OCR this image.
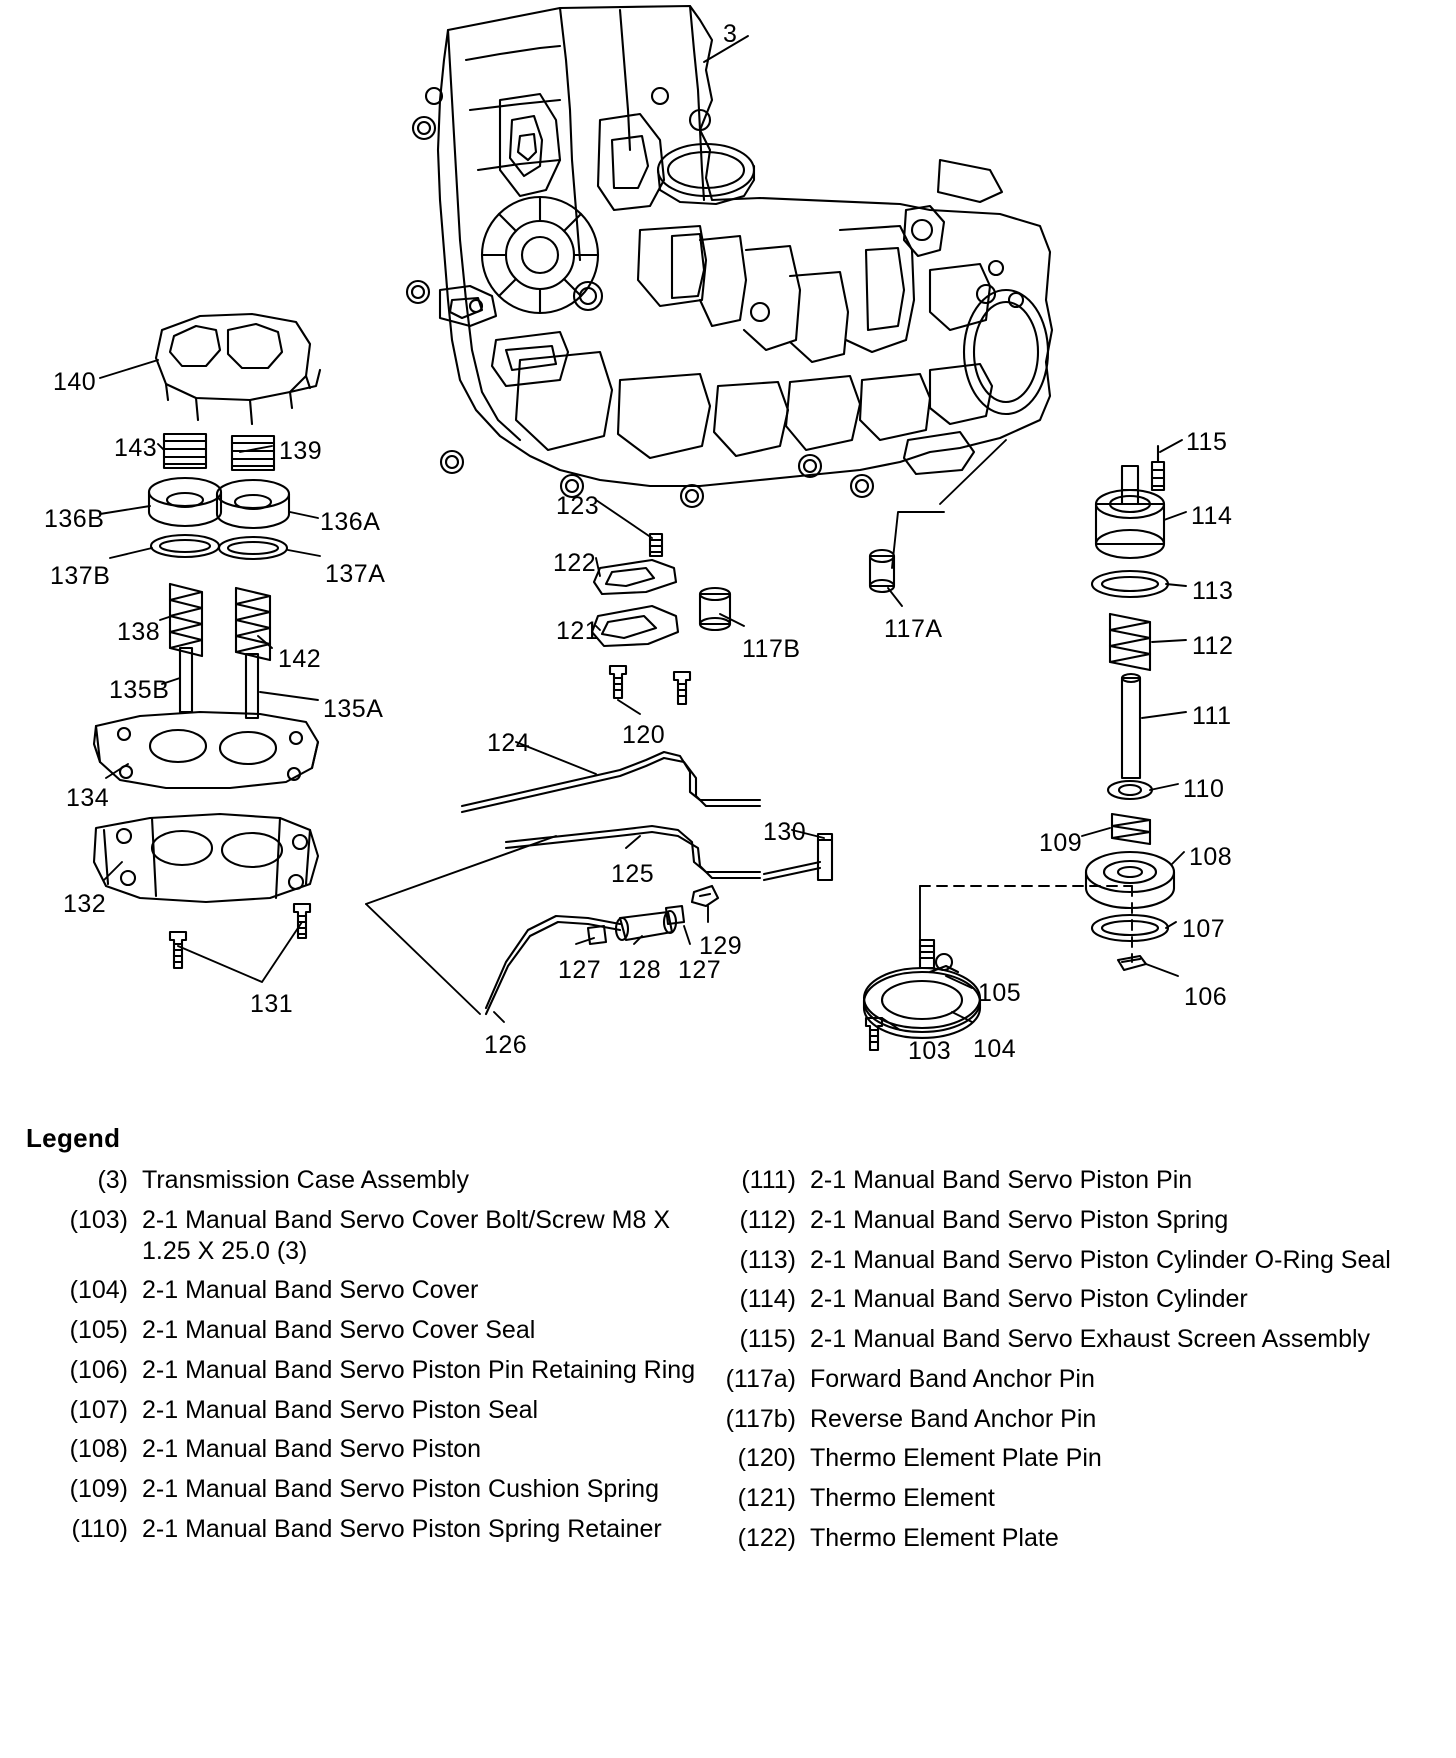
3
140
143	139
136B	136A
137B	137A
138
142
135B
135A
134
132
131
123
122
121
120
117B
117A
124
125
126
127 128 127
129
130
103 104
105
115
114
113
112
111
110
109	108
107
106
Legend
(3) Transmission Case Assembly
(103) 2-1 Manual Band Servo Cover Bolt/Screw M8 X 1.25 X 25.0 (3)
(104) 2-1 Manual Band Servo Cover
(105) 2-1 Manual Band Servo Cover Seal
(106) 2-1 Manual Band Servo Piston Pin Retaining Ring
(107) 2-1 Manual Band Servo Piston Seal
(108) 2-1 Manual Band Servo Piston
(109) 2-1 Manual Band Servo Piston Cushion Spring
(110) 2-1 Manual Band Servo Piston Spring Retainer
(111) 2-1 Manual Band Servo Piston Pin
(112) 2-1 Manual Band Servo Piston Spring
(113) 2-1 Manual Band Servo Piston Cylinder O-Ring Seal
(114) 2-1 Manual Band Servo Piston Cylinder
(115) 2-1 Manual Band Servo Exhaust Screen Assembly
(117a) Forward Band Anchor Pin
(117b) Reverse Band Anchor Pin
(120) Thermo Element Plate Pin
(121) Thermo Element
(122) Thermo Element Plate
